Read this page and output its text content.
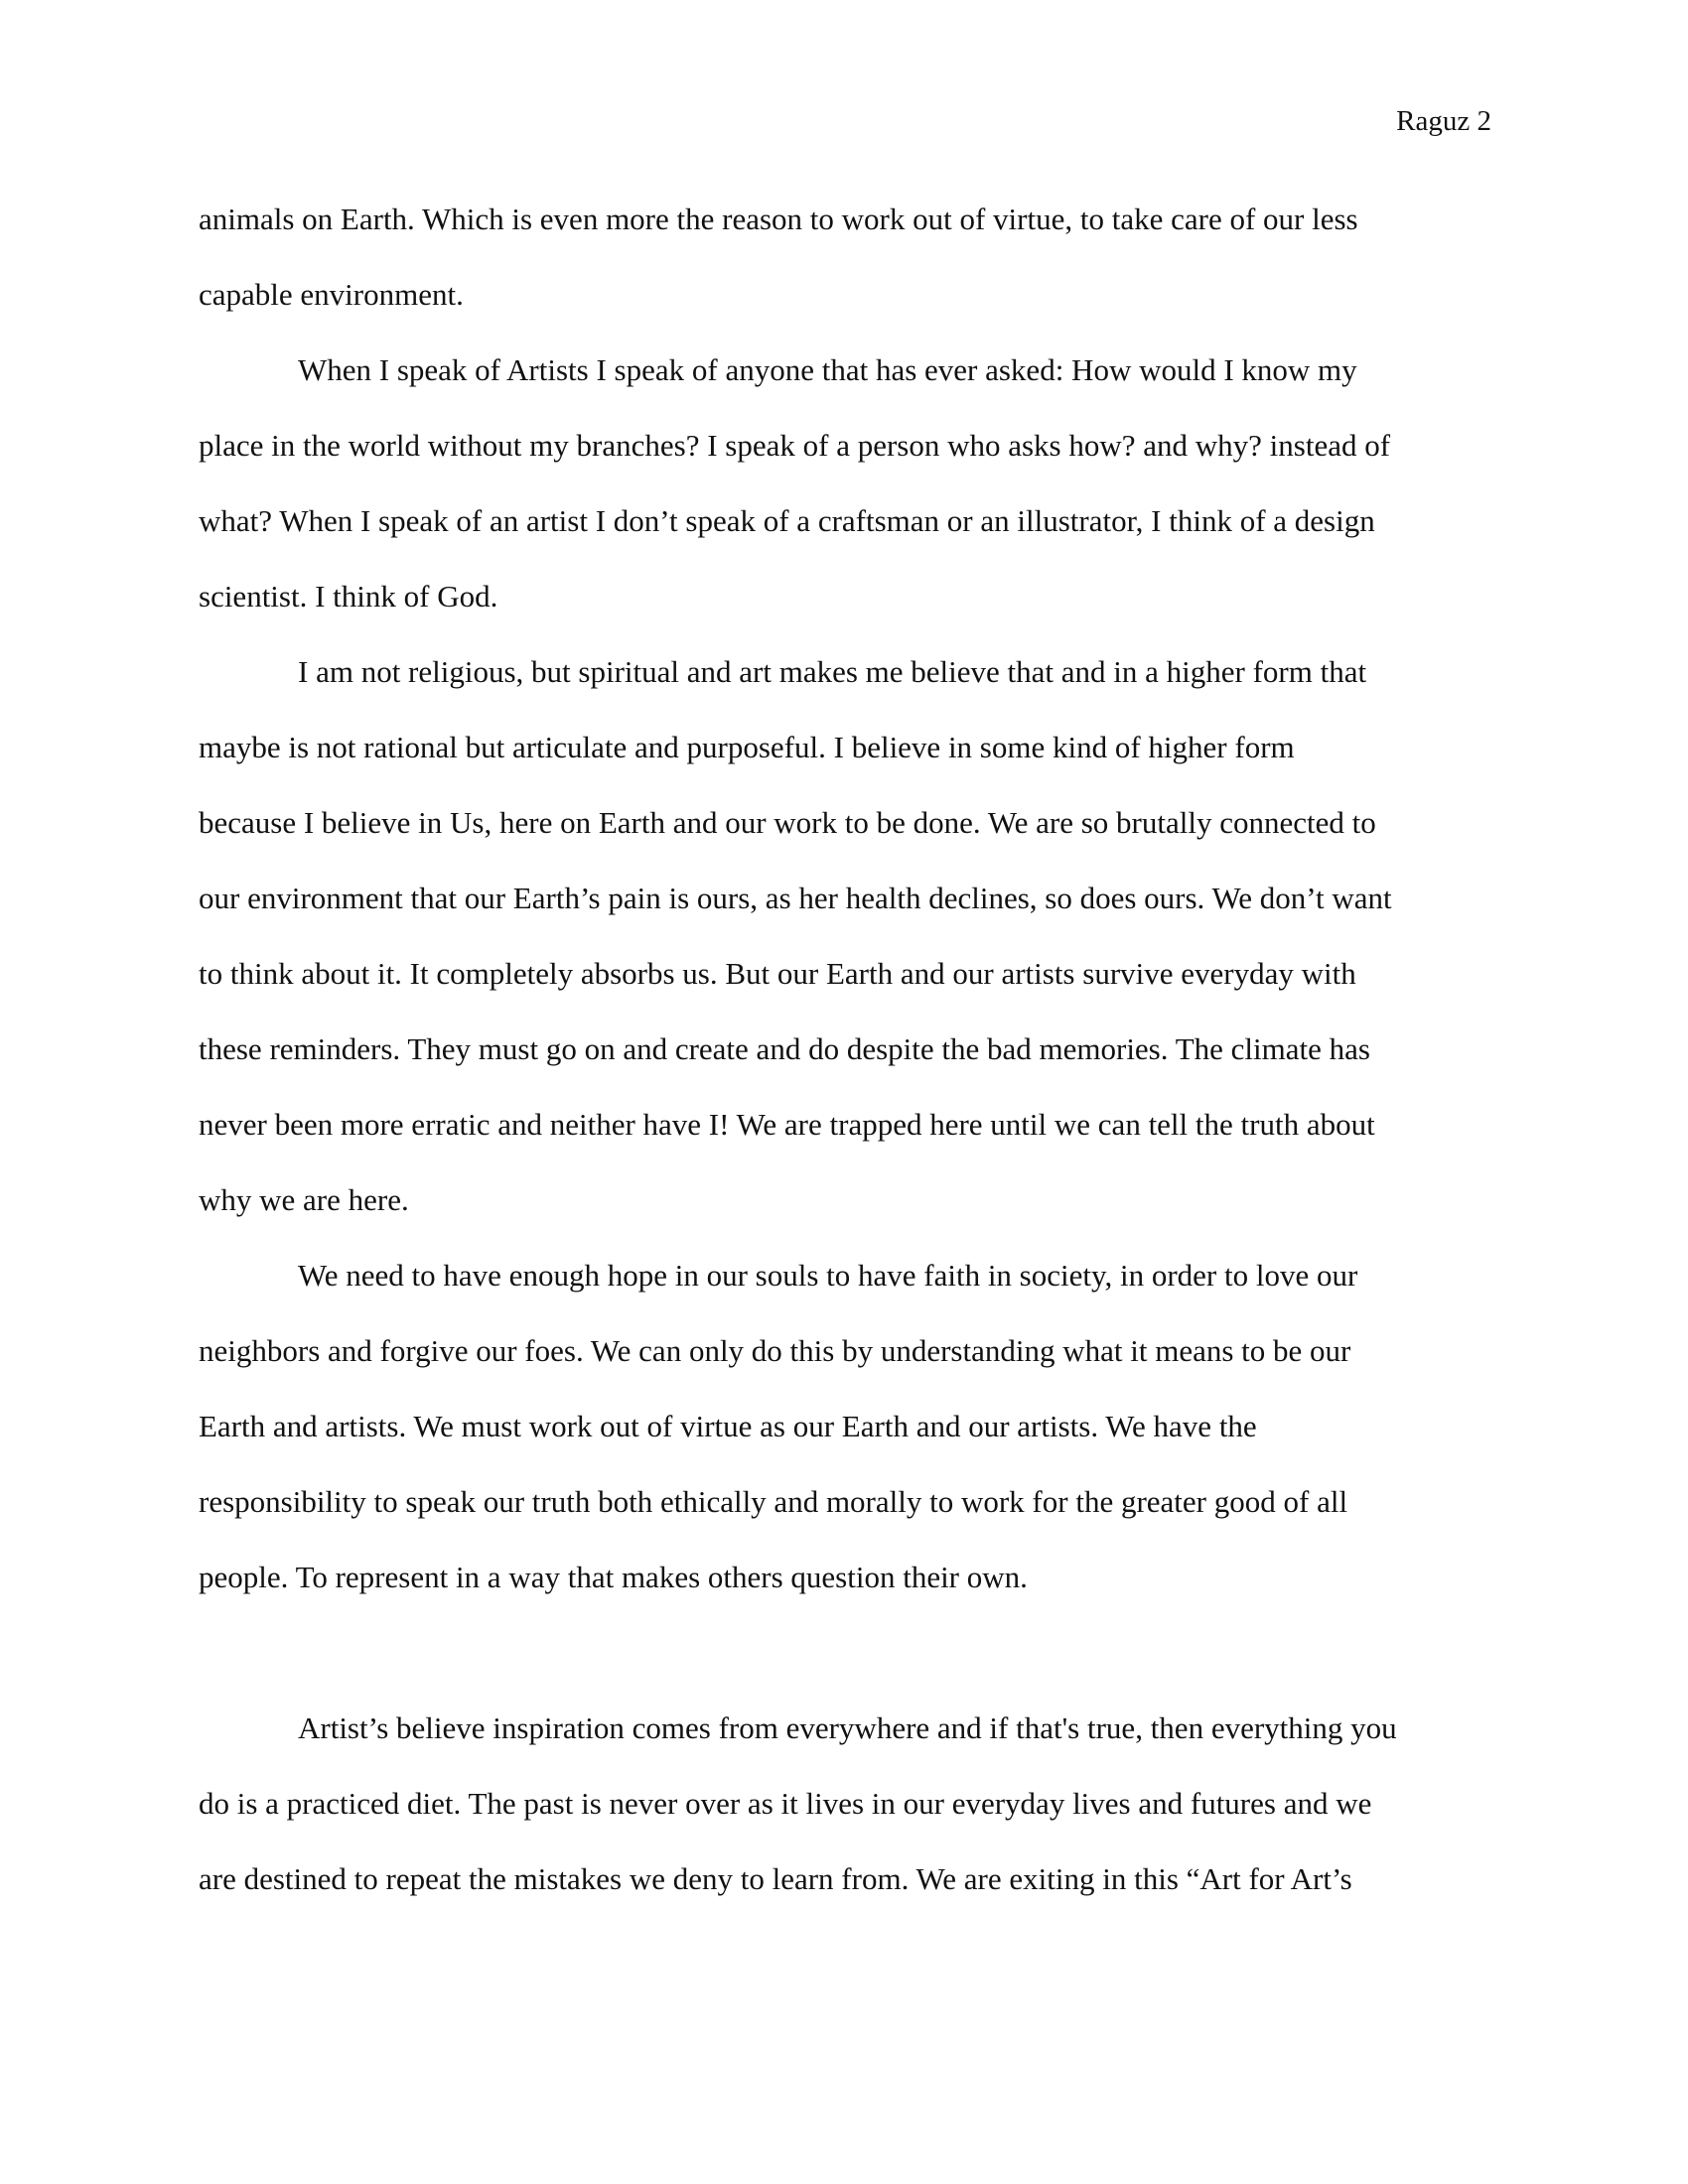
Raguz 2
animals on Earth. Which is even more the reason to work out of virtue, to take care of our less
capable environment.
When I speak of Artists I speak of anyone that has ever asked: How would I know my
place in the world without my branches? I speak of a person who asks how? and why? instead of
what? When I speak of an artist I don’t speak of a craftsman or an illustrator, I think of a design
scientist. I think of God.
I am not religious, but spiritual and art makes me believe that and in a higher form that
maybe is not rational but articulate and purposeful. I believe in some kind of higher form
because I believe in Us, here on Earth and our work to be done. We are so brutally connected to
our environment that our Earth’s pain is ours, as her health declines, so does ours. We don’t want
to think about it. It completely absorbs us. But our Earth and our artists survive everyday with
these reminders. They must go on and create and do despite the bad memories. The climate has
never been more erratic and neither have I! We are trapped here until we can tell the truth about
why we are here.
We need to have enough hope in our souls to have faith in society, in order to love our
neighbors and forgive our foes. We can only do this by understanding what it means to be our
Earth and artists. We must work out of virtue as our Earth and our artists. We have the
responsibility to speak our truth both ethically and morally to work for the greater good of all
people. To represent in a way that makes others question their own.
Artist’s believe inspiration comes from everywhere and if that's true, then everything you
do is a practiced diet. The past is never over as it lives in our everyday lives and futures and we
are destined to repeat the mistakes we deny to learn from. We are exiting in this “Art for Art’s
